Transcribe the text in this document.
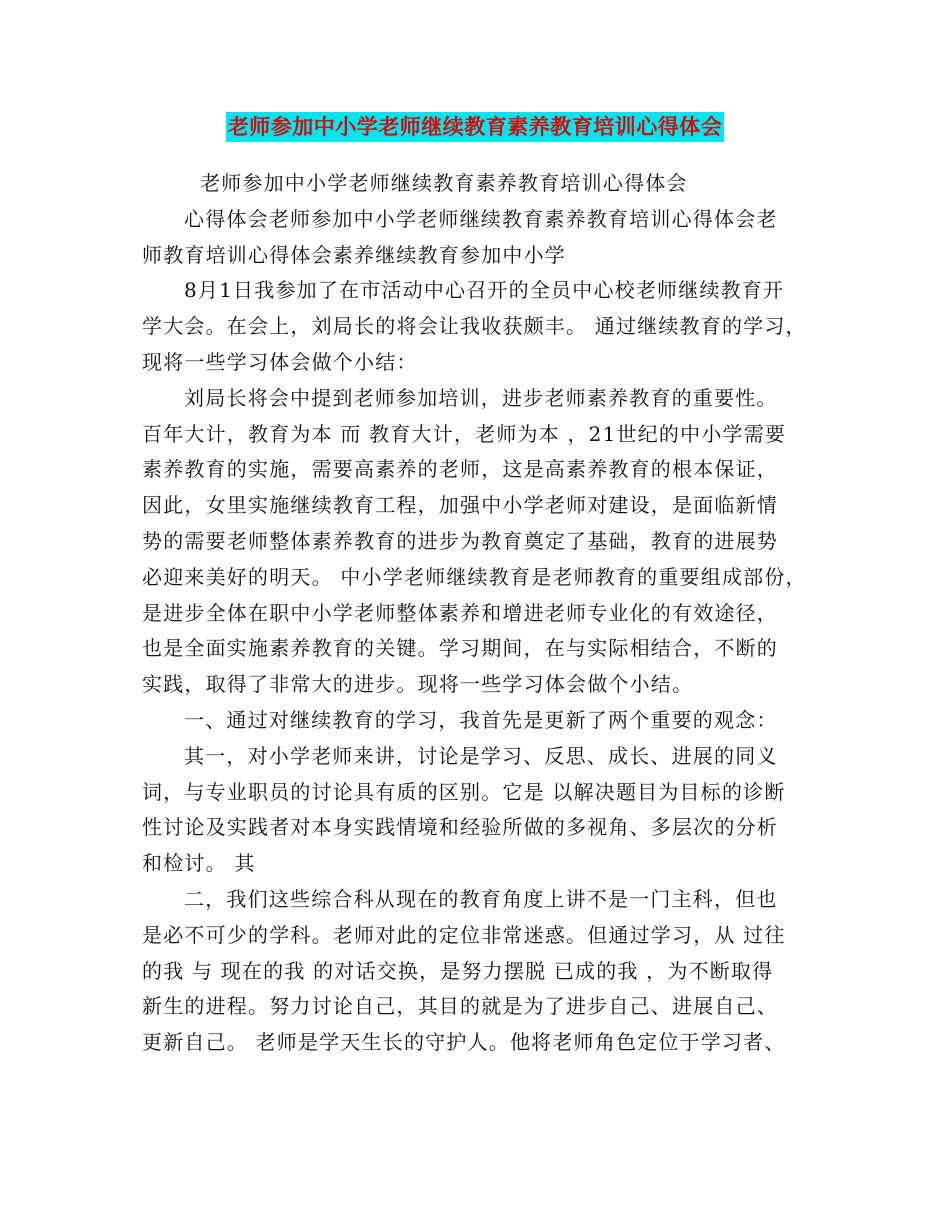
老师参加中小学老师继续教育素养教育培训心得体会
老师参加中小学老师继续教育素养教育培训心得体会
心得体会老师参加中小学老师继续教育素养教育培训心得体会老
师教育培训心得体会素养继续教育参加中小学
8月1日我参加了在市活动中心召开的全员中心校老师继续教育开
学大会。在会上，刘局长的将会让我收获颇丰。 通过继续教育的学习，
现将一些学习体会做个小结：
刘局长将会中提到老师参加培训，进步老师素养教育的重要性。
百年大计，教育为本 而 教育大计，老师为本 ，21世纪的中小学需要
素养教育的实施，需要高素养的老师，这是高素养教育的根本保证，
因此，女里实施继续教育工程，加强中小学老师对建设，是面临新情
势的需要老师整体素养教育的进步为教育奠定了基础，教育的进展势
必迎来美好的明天。 中小学老师继续教育是老师教育的重要组成部份，
是进步全体在职中小学老师整体素养和增进老师专业化的有效途径，
也是全面实施素养教育的关键。学习期间，在与实际相结合，不断的
实践，取得了非常大的进步。现将一些学习体会做个小结。
一、通过对继续教育的学习，我首先是更新了两个重要的观念：
其一，对小学老师来讲，讨论是学习、反思、成长、进展的同义
词，与专业职员的讨论具有质的区别。它是 以解决题目为目标的诊断
性讨论及实践者对本身实践情境和经验所做的多视角、多层次的分析
和检讨。 其
二，我们这些综合科从现在的教育角度上讲不是一门主科，但也
是必不可少的学科。老师对此的定位非常迷惑。但通过学习，从 过往
的我 与 现在的我 的对话交换，是努力摆脱 已成的我 ，为不断取得
新生的进程。努力讨论自己，其目的就是为了进步自己、进展自己、
更新自己。 老师是学天生长的守护人。他将老师角色定位于学习者、
